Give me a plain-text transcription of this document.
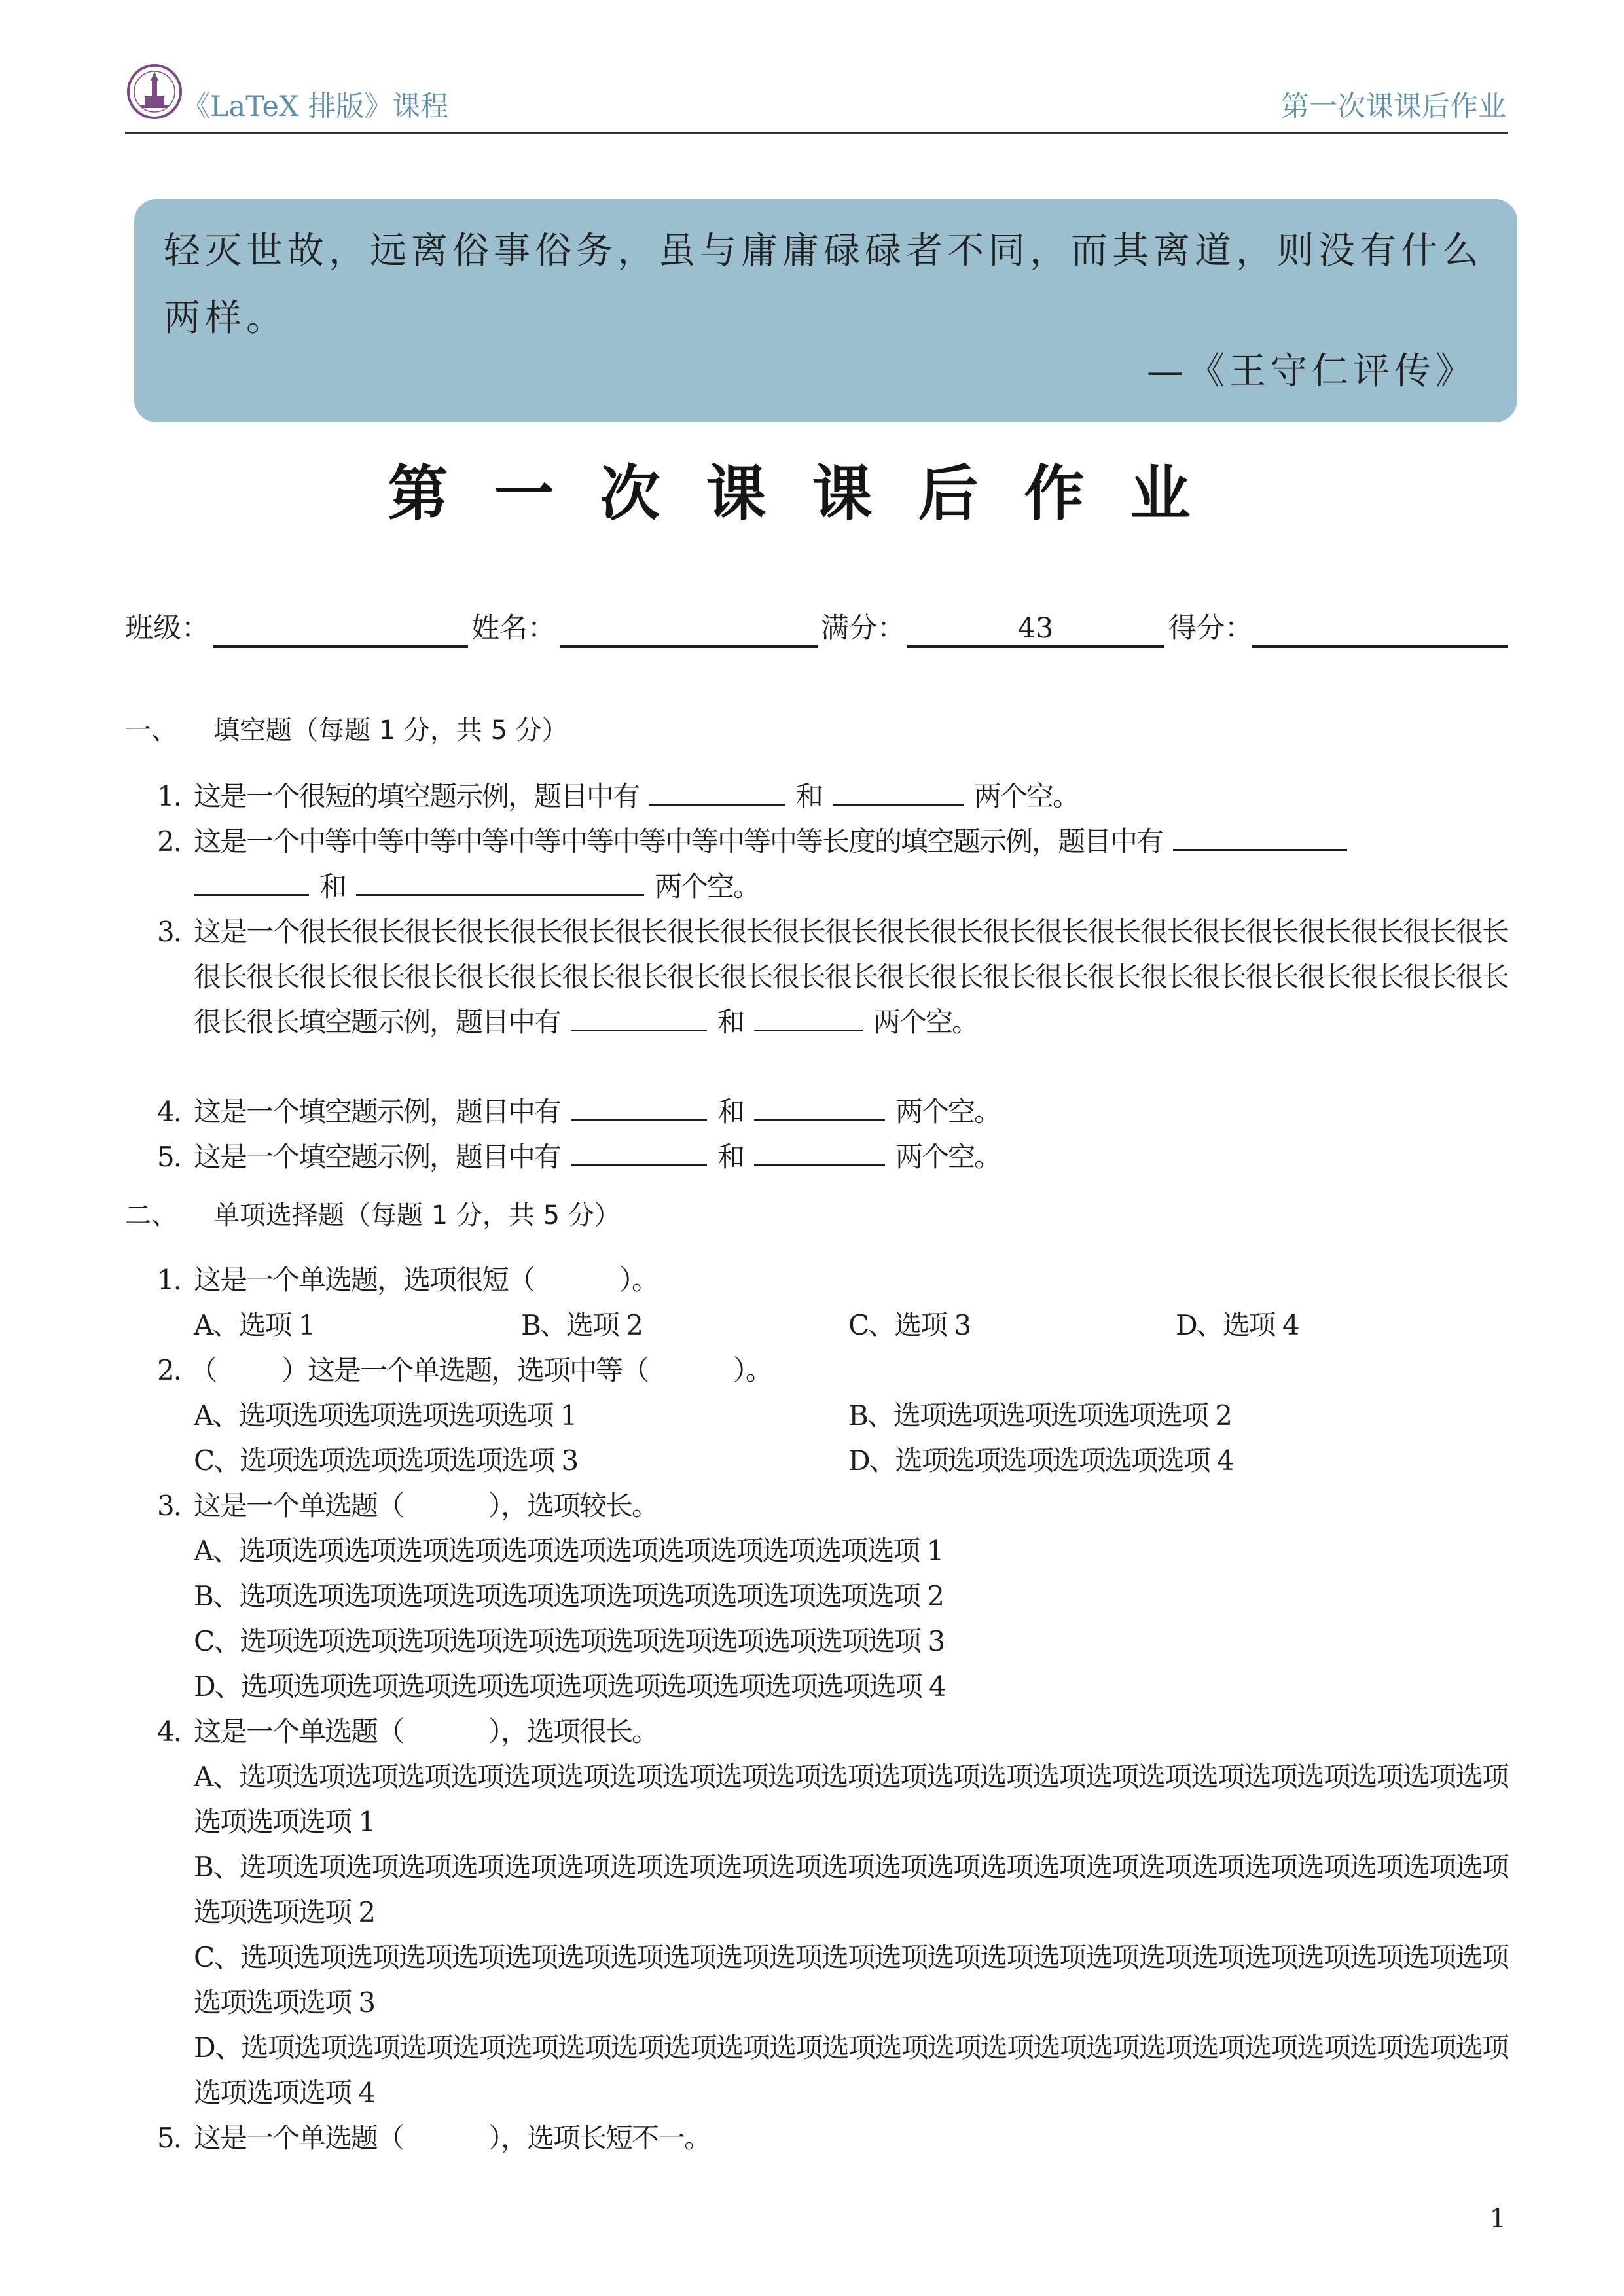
《LaTeX 排版》课程	第一次课课后作业
轻灭世故，远离俗事俗务，虽与庸庸碌碌者不同，而其离道，则没有什么两样。
—《王守仁评传》
第一次课课后作业
班级：	姓名：	满分：	43	得分：
一、 填空题（每题 1 分，共 5 分）
1. 这是一个很短的填空题示例，题目中有	和	两个空。
2. 这是一个中等中等中等中等中等中等中等中等中等中等长度的填空题示例，题目中有
和	两个空。
3. 这是一个很长很长很长很长很长很长很长很长很长很长很长很长很长很长很长很长很长很长很长很长很长很长很长很长很长很长很长很长很长很长很长很长很长很长很长很长很长很长很长很长很长很长很长很长很长很长很长很长很长很长填空题示例，题目中有	和	两个空。
4. 这是一个填空题示例，题目中有	和	两个空。
5. 这是一个填空题示例，题目中有	和	两个空。
二、 单项选择题（每题 1 分，共 5 分）
1. 这是一个单选题，选项很短（	）。
A、选项 1	B、选项 2	C、选项 3	D、选项 4
2. （ ）这是一个单选题，选项中等（	）。
A、选项选项选项选项选项选项 1	B、选项选项选项选项选项选项 2
C、选项选项选项选项选项选项 3	D、选项选项选项选项选项选项 4
3. 这是一个单选题（	），选项较长。
A、选项选项选项选项选项选项选项选项选项选项选项选项选项 1
B、选项选项选项选项选项选项选项选项选项选项选项选项选项 2
C、选项选项选项选项选项选项选项选项选项选项选项选项选项 3
D、选项选项选项选项选项选项选项选项选项选项选项选项选项 4
4. 这是一个单选题（	），选项很长。
A、选项选项选项选项选项选项选项选项选项选项选项选项选项选项选项选项选项选项选项选项选项选项选项选项选项选项选项 1
B、选项选项选项选项选项选项选项选项选项选项选项选项选项选项选项选项选项选项选项选项选项选项选项选项选项选项选项 2
C、选项选项选项选项选项选项选项选项选项选项选项选项选项选项选项选项选项选项选项选项选项选项选项选项选项选项选项 3
D、选项选项选项选项选项选项选项选项选项选项选项选项选项选项选项选项选项选项选项选项选项选项选项选项选项选项选项 4
5. 这是一个单选题（	），选项长短不一。
1
